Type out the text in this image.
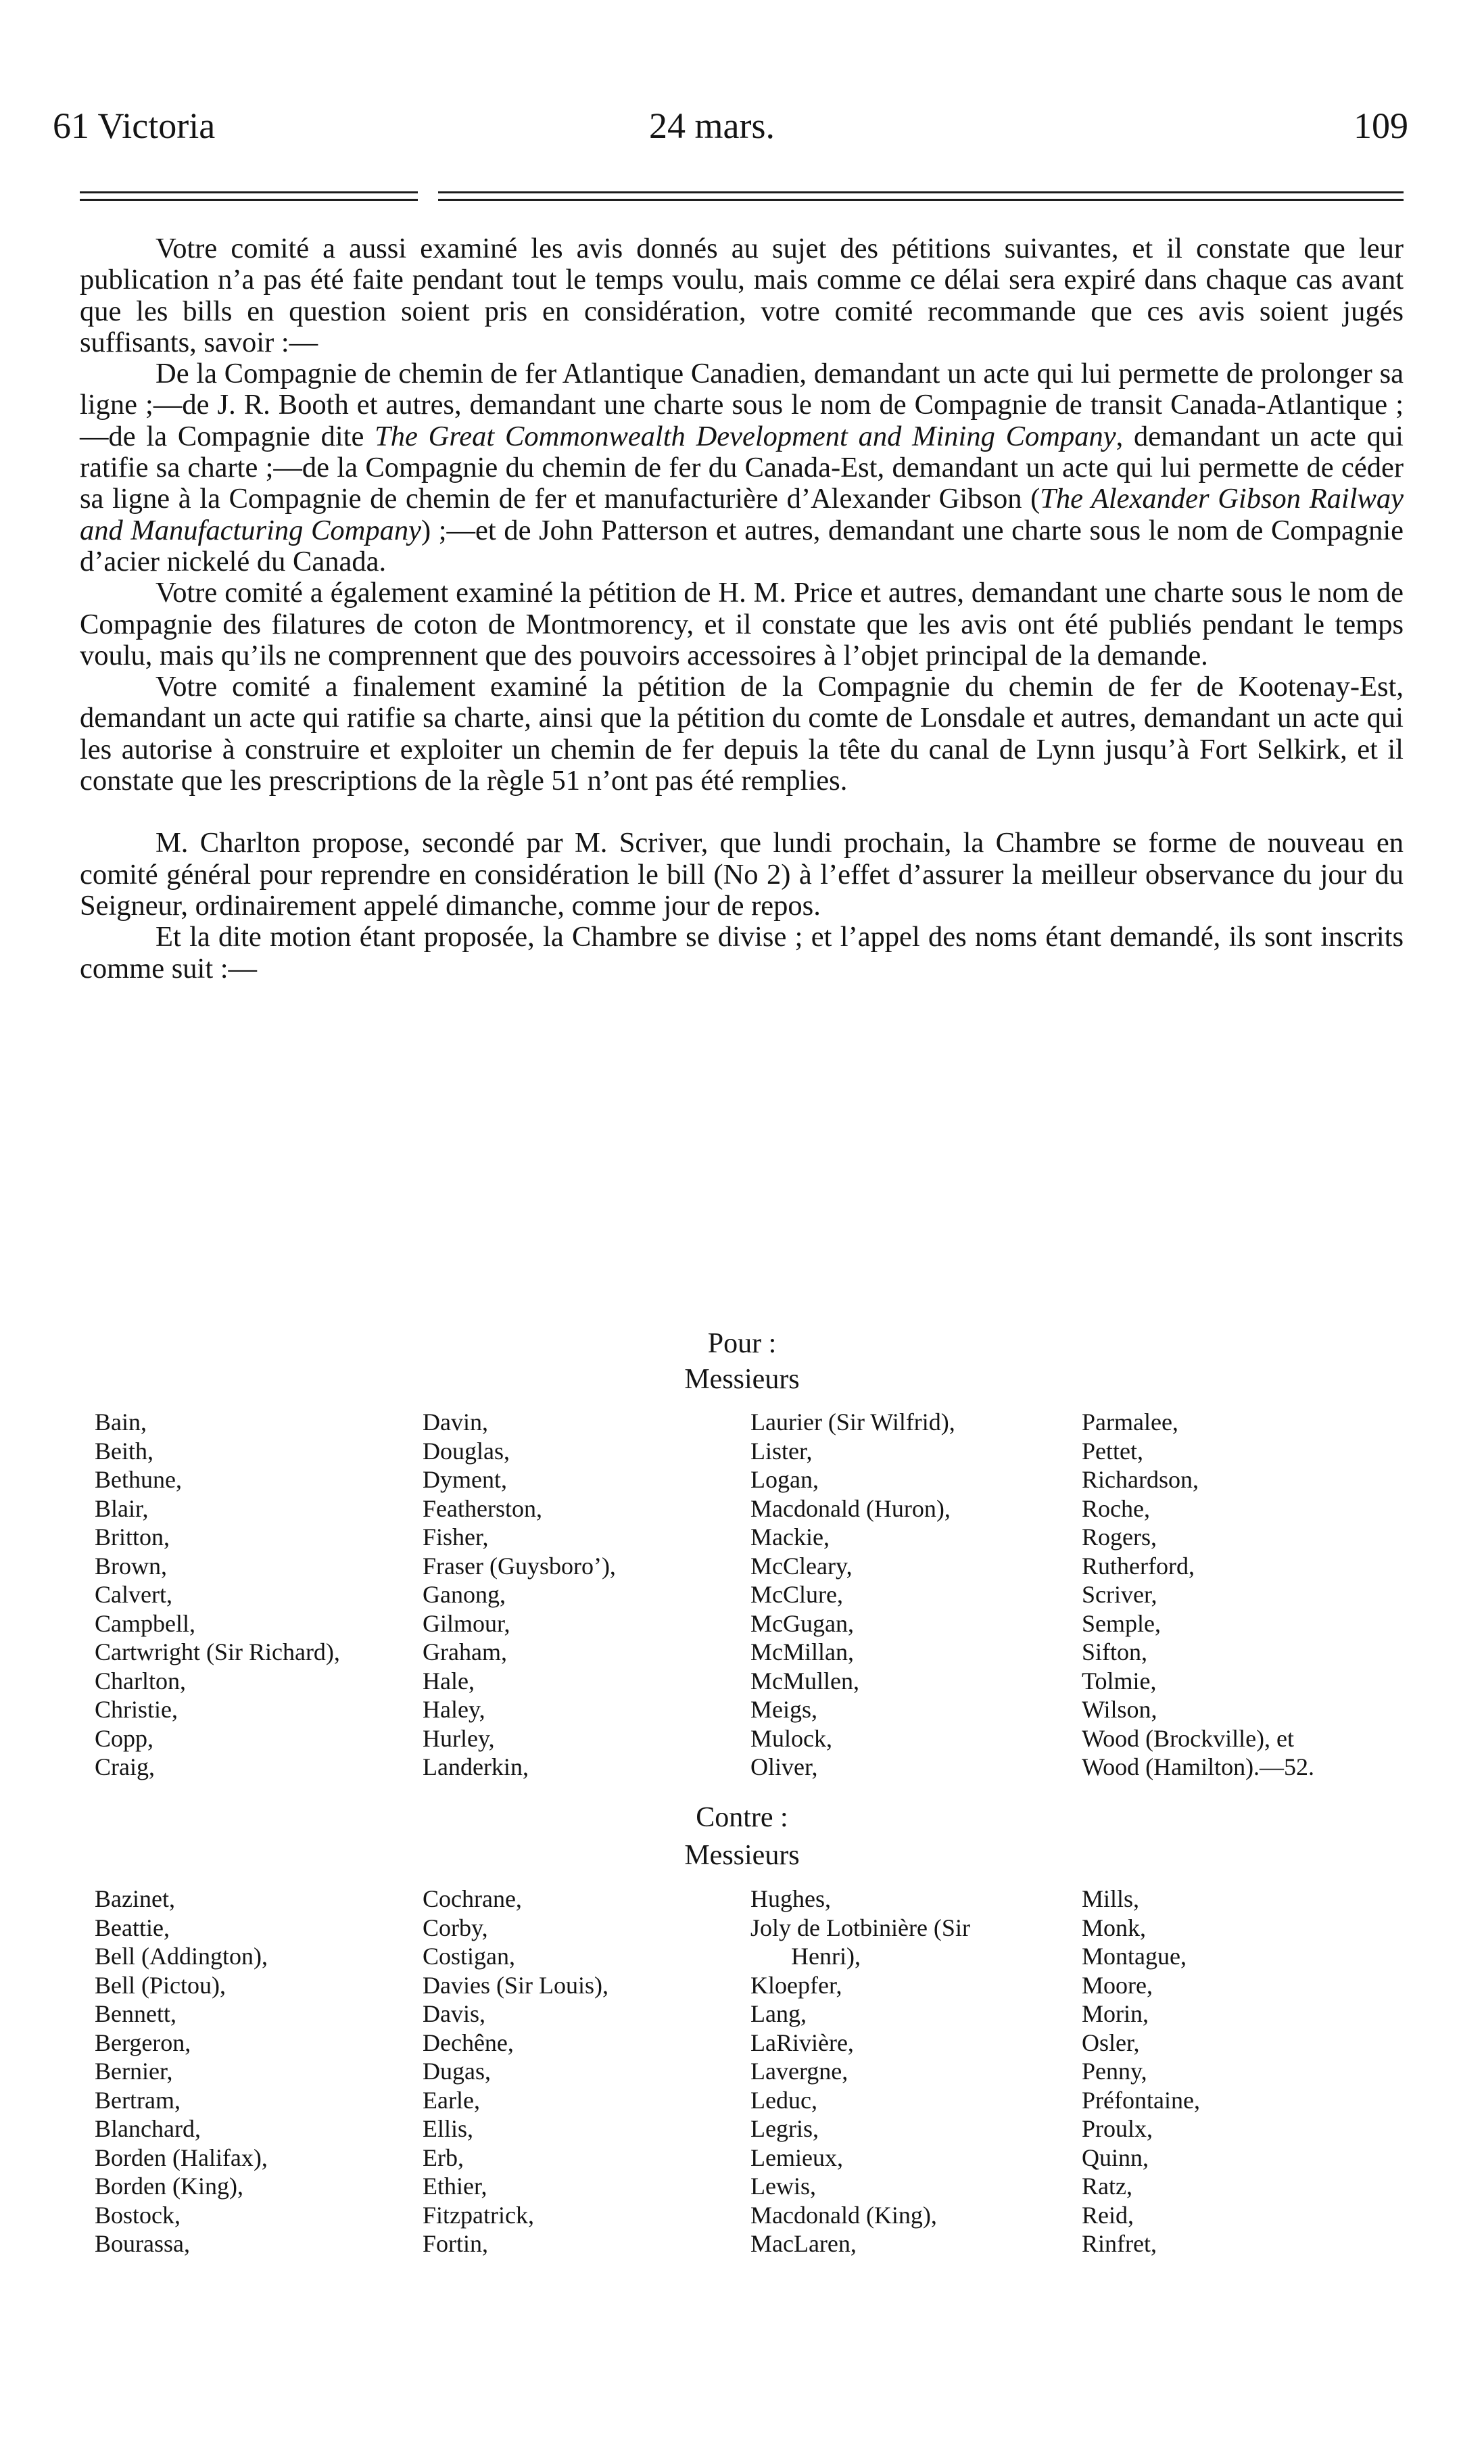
61 Victoria	24 mars.	109

Votre comité a aussi examiné les avis donnés au sujet des pétitions suivantes, et il constate que leur publication n’a pas été faite pendant tout le temps voulu, mais comme ce délai sera expiré dans chaque cas avant que les bills en question soient pris en considération, votre comité recommande que ces avis soient jugés suffisants, savoir :—

De la Compagnie de chemin de fer Atlantique Canadien, demandant un acte qui lui permette de prolonger sa ligne ;—de J. R. Booth et autres, demandant une charte sous le nom de Compagnie de transit Canada-Atlantique ;—de la Compagnie dite The Great Commonwealth Development and Mining Company, demandant un acte qui ratifie sa charte ;—de la Compagnie du chemin de fer du Canada-Est, demandant un acte qui lui permette de céder sa ligne à la Compagnie de chemin de fer et manufacturière d’Alexander Gibson (The Alexander Gibson Railway and Manufacturing Company) ;—et de John Patterson et autres, demandant une charte sous le nom de Compagnie d’acier nickelé du Canada.

Votre comité a également examiné la pétition de H. M. Price et autres, demandant une charte sous le nom de Compagnie des filatures de coton de Montmorency, et il constate que les avis ont été publiés pendant le temps voulu, mais qu’ils ne comprennent que des pouvoirs accessoires à l’objet principal de la demande.

Votre comité a finalement examiné la pétition de la Compagnie du chemin de fer de Kootenay-Est, demandant un acte qui ratifie sa charte, ainsi que la pétition du comte de Lonsdale et autres, demandant un acte qui les autorise à construire et exploiter un chemin de fer depuis la tête du canal de Lynn jusqu’à Fort Selkirk, et il constate que les prescriptions de la règle 51 n’ont pas été remplies.

M. Charlton propose, secondé par M. Scriver, que lundi prochain, la Chambre se forme de nouveau en comité général pour reprendre en considération le bill (No 2) à l’effet d’assurer la meilleur observance du jour du Seigneur, ordinairement appelé dimanche, comme jour de repos.

Et la dite motion étant proposée, la Chambre se divise ; et l’appel des noms étant demandé, ils sont inscrits comme suit :—

Pour :
Messieurs
Bain,
Beith,
Bethune,
Blair,
Britton,
Brown,
Calvert,
Campbell,
Cartwright (Sir Richard),
Charlton,
Christie,
Copp,
Craig,
Davin,
Douglas,
Dyment,
Featherston,
Fisher,
Fraser (Guysboro’),
Ganong,
Gilmour,
Graham,
Hale,
Haley,
Hurley,
Landerkin,
Laurier (Sir Wilfrid),
Lister,
Logan,
Macdonald (Huron),
Mackie,
McCleary,
McClure,
McGugan,
McMillan,
McMullen,
Meigs,
Mulock,
Oliver,
Parmalee,
Pettet,
Richardson,
Roche,
Rogers,
Rutherford,
Scriver,
Semple,
Sifton,
Tolmie,
Wilson,
Wood (Brockville), et
Wood (Hamilton).—52.
Contre :
Messieurs
Bazinet,
Beattie,
Bell (Addington),
Bell (Pictou),
Bennett,
Bergeron,
Bernier,
Bertram,
Blanchard,
Borden (Halifax),
Borden (King),
Bostock,
Bourassa,
Cochrane,
Corby,
Costigan,
Davies (Sir Louis),
Davis,
Dechêne,
Dugas,
Earle,
Ellis,
Erb,
Ethier,
Fitzpatrick,
Fortin,
Hughes,
Joly de Lotbinière (Sir
Henri),
Kloepfer,
Lang,
LaRivière,
Lavergne,
Leduc,
Legris,
Lemieux,
Lewis,
Macdonald (King),
MacLaren,
Mills,
Monk,
Montague,
Moore,
Morin,
Osler,
Penny,
Préfontaine,
Proulx,
Quinn,
Ratz,
Reid,
Rinfret,
